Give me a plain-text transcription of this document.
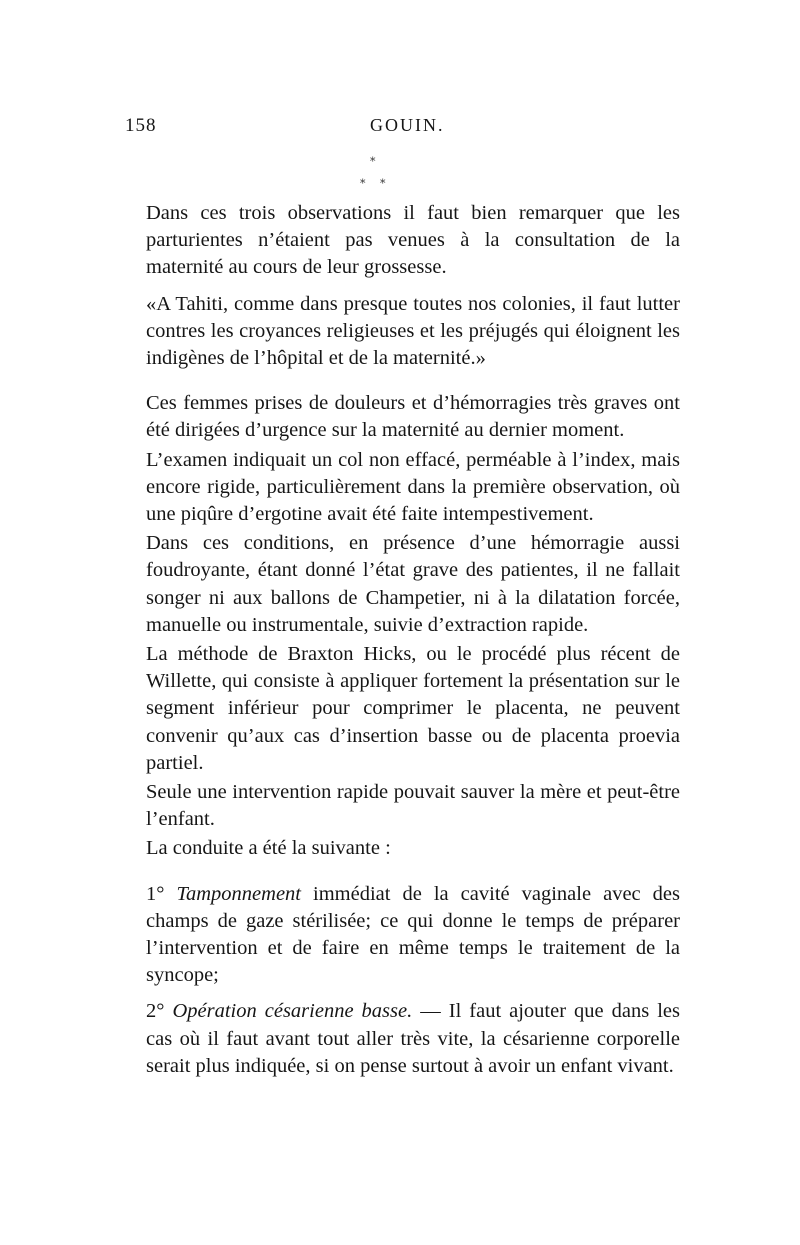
158	GOUIN.
*
* *

Dans ces trois observations il faut bien remarquer que les parturientes n’étaient pas venues à la consultation de la maternité au cours de leur grossesse.

«A Tahiti, comme dans presque toutes nos colonies, il faut lutter contres les croyances religieuses et les préjugés qui éloignent les indigènes de l’hôpital et de la maternité.»

Ces femmes prises de douleurs et d’hémorragies très graves ont été dirigées d’urgence sur la maternité au dernier moment.

L’examen indiquait un col non effacé, perméable à l’index, mais encore rigide, particulièrement dans la première observation, où une piqûre d’ergotine avait été faite intempestivement.

Dans ces conditions, en présence d’une hémorragie aussi foudroyante, étant donné l’état grave des patientes, il ne fallait songer ni aux ballons de Champetier, ni à la dilatation forcée, manuelle ou instrumentale, suivie d’extraction rapide.

La méthode de Braxton Hicks, ou le procédé plus récent de Willette, qui consiste à appliquer fortement la présentation sur le segment inférieur pour comprimer le placenta, ne peuvent convenir qu’aux cas d’insertion basse ou de placenta proevia partiel.

Seule une intervention rapide pouvait sauver la mère et peut-être l’enfant.

La conduite a été la suivante :

1° Tamponnement immédiat de la cavité vaginale avec des champs de gaze stérilisée; ce qui donne le temps de préparer l’intervention et de faire en même temps le traitement de la syncope;

2° Opération césarienne basse. — Il faut ajouter que dans les cas où il faut avant tout aller très vite, la césarienne corporelle serait plus indiquée, si on pense surtout à avoir un enfant vivant.
